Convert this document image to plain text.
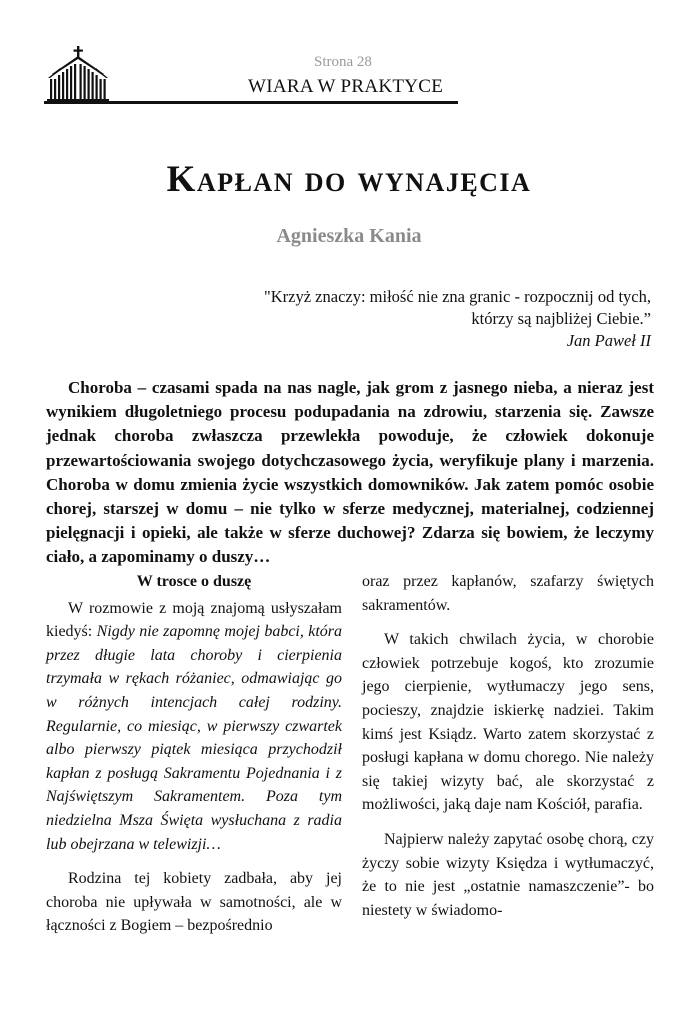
Strona 28
WIARA W PRAKTYCE
Kapłan do wynajęcia
Agnieszka Kania
"Krzyż znaczy: miłość nie zna granic - rozpocznij od tych,
którzy są najbliżej Ciebie.”
Jan Paweł II

Choroba – czasami spada na nas nagle, jak grom z jasnego nieba, a nieraz jest wynikiem długoletniego procesu podupadania na zdrowiu, starzenia się. Zawsze jednak choroba zwłaszcza przewlekła powoduje, że człowiek dokonuje przewartościowania swojego dotychczasowego życia, weryfikuje plany i marzenia. Choroba w domu zmienia życie wszystkich domowników. Jak zatem pomóc osobie chorej, starszej w domu – nie tylko w sferze medycznej, materialnej, codziennej pielęgnacji i opieki, ale także w sferze duchowej? Zdarza się bowiem, że leczymy ciało, a zapominamy o duszy…

W trosce o duszę

W rozmowie z moją znajomą usłyszałam kiedyś: Nigdy nie zapomnę mojej babci, która przez długie lata choroby i cierpienia trzymała w rękach różaniec, odmawiając go w różnych intencjach całej rodziny. Regularnie, co miesiąc, w pierwszy czwartek albo pierwszy piątek miesiąca przychodził kapłan z posługą Sakramentu Pojednania i z Najświętszym Sakramentem. Poza tym niedzielna Msza Święta wysłuchana z radia lub obejrzana w telewizji…

Rodzina tej kobiety zadbała, aby jej choroba nie upływała w samotności, ale w łączności z Bogiem – bezpośrednio

oraz przez kapłanów, szafarzy świętych sakramentów.

W takich chwilach życia, w chorobie człowiek potrzebuje kogoś, kto zrozumie jego cierpienie, wytłumaczy jego sens, pocieszy, znajdzie iskierkę nadziei. Takim kimś jest Ksiądz. Warto zatem skorzystać z posługi kapłana w domu chorego. Nie należy się takiej wizyty bać, ale skorzystać z możliwości, jaką daje nam Kościół, parafia.

Najpierw należy zapytać osobę chorą, czy życzy sobie wizyty Księdza i wytłumaczyć, że to nie jest „ostatnie namaszczenie”- bo niestety w świadomo-
